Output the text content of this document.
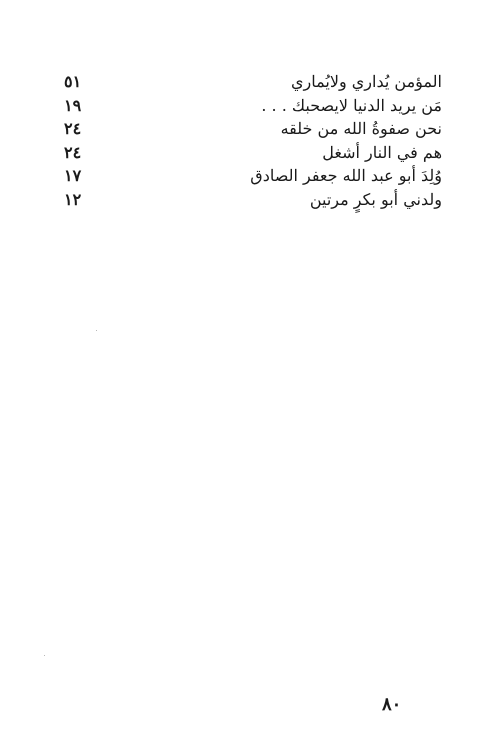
المؤمن يُداري ولايُماري
٥١
مَن يريد الدنيا لايصحبك . . .
١٩
نحن صفوةُ الله من خلقه
٢٤
هم في النار أشغل
٢٤
وُلِدَ أبو عبد الله جعفر الصادق
١٧
ولدني أبو بكرٍ مرتين
١٢
٨٠
